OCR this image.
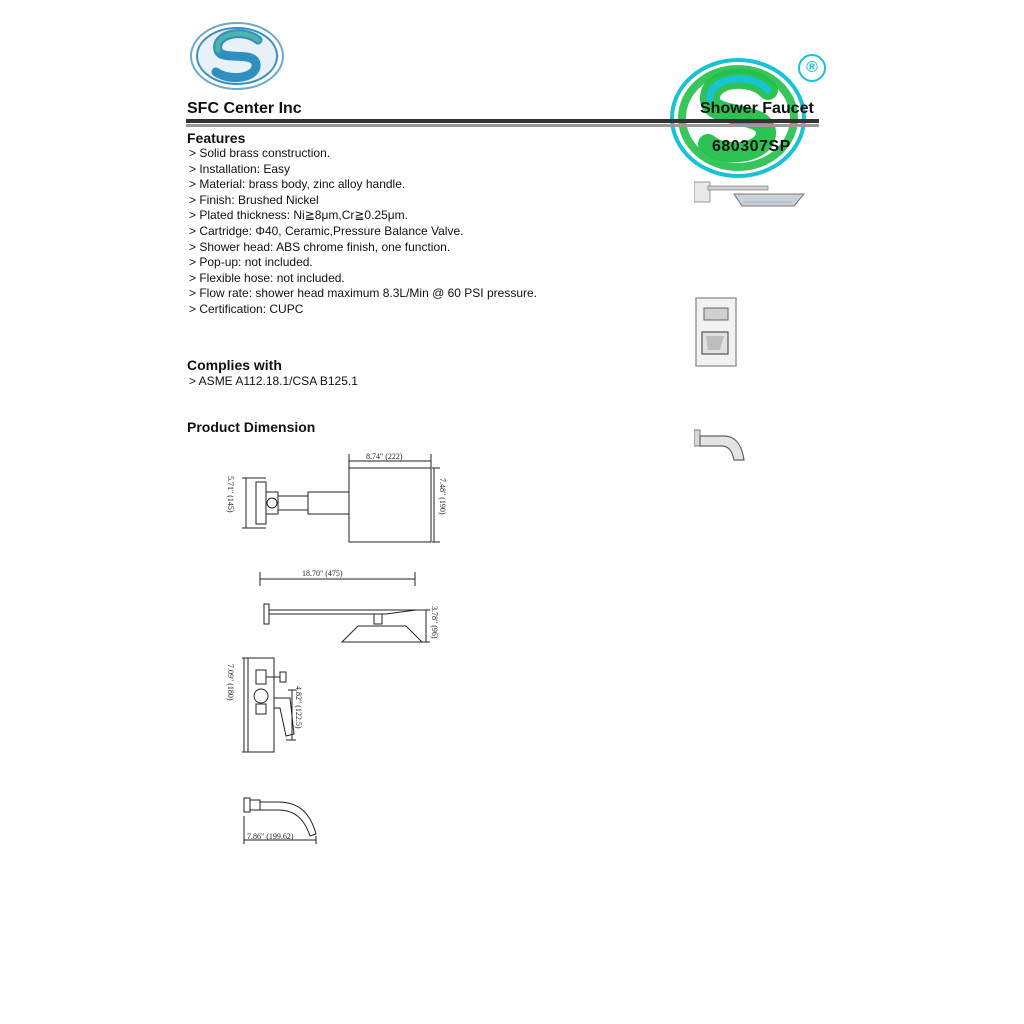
®
SFC Center Inc	Shower Faucet
680307SP
Features
> Solid brass construction.
> Installation: Easy
> Material: brass body, zinc alloy handle.
> Finish: Brushed Nickel
> Plated thickness: Ni≧8μm,Cr≧0.25μm.
> Cartridge: Φ40, Ceramic,Pressure Balance Valve.
> Shower head: ABS chrome finish, one function.
> Pop-up: not included.
> Flexible hose: not included.
> Flow rate: shower head maximum 8.3L/Min @ 60 PSI pressure.
> Certification: CUPC
Complies with
> ASME A112.18.1/CSA B125.1
Product Dimension
8.74" (222)
5.71" (145)	7.48" (190)
18.70" (475)
3.78" (96)
7.09" (180)
4.82" (122.5)
7.86" (199.62)
